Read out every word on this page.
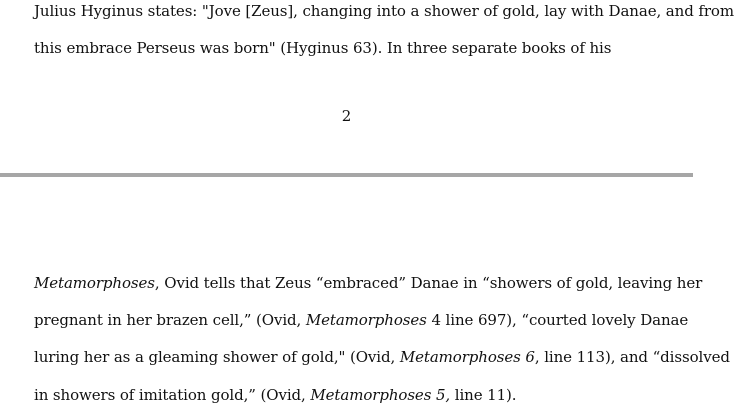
Julius Hyginus states: "Jove [Zeus], changing into a shower of gold, lay with Danae, and from
this embrace Perseus was born" (Hyginus 63). In three separate books of his
2
Metamorphoses, Ovid tells that Zeus “embraced” Danae in “showers of gold, leaving her
pregnant in her brazen cell,” (Ovid, Metamorphoses 4 line 697), “courted lovely Danae
luring her as a gleaming shower of gold," (Ovid, Metamorphoses 6, line 113), and “dissolved
in showers of imitation gold,” (Ovid, Metamorphoses 5, line 11).
